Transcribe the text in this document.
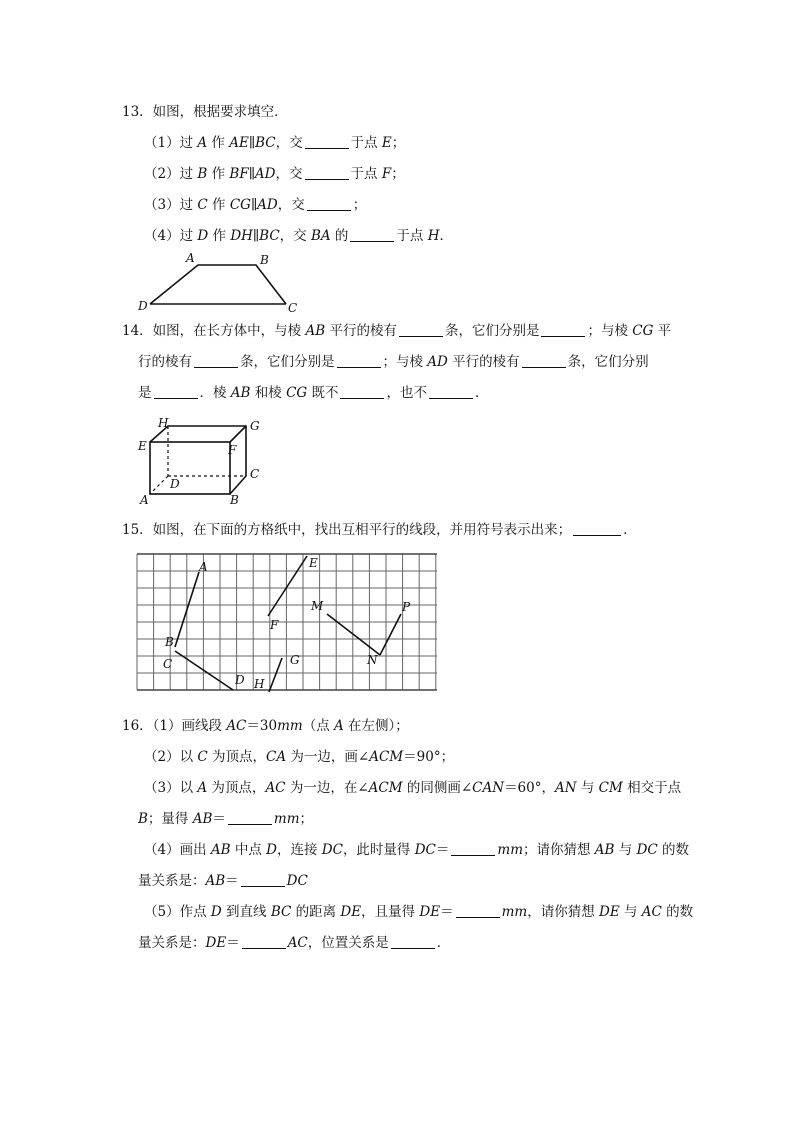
13．如图，根据要求填空．
（1）过 A 作 AE∥BC，交	于点 E；
（2）过 B 作 BF∥AD，交	于点 F；
（3）过 C 作 CG∥AD，交	；
（4）过 D 作 DH∥BC，交 BA 的	于点 H．
A	B
D	C
14．如图，在长方体中，与棱 AB 平行的棱有	条，它们分别是	；与棱 CG 平
行的棱有	条，它们分别是	；与棱 AD 平行的棱有	条，它们分别
是	．棱 AB 和棱 CG 既不	，也不	．
H	G
E	F
C
D
A	B
15．如图，在下面的方格纸中，找出互相平行的线段，并用符号表示出来；	．
A
B
C
D
E
F
G
H
M
N
P
16．（1）画线段 AC＝30mm（点 A 在左侧）；
（2）以 C 为顶点，CA 为一边，画∠ACM＝90°；
（3）以 A 为顶点，AC 为一边，在∠ACM 的同侧画∠CAN＝60°，AN 与 CM 相交于点
B；量得 AB＝	mm；
（4）画出 AB 中点 D，连接 DC，此时量得 DC＝	mm；请你猜想 AB 与 DC 的数
量关系是：AB＝	DC
（5）作点 D 到直线 BC 的距离 DE，且量得 DE＝	mm，请你猜想 DE 与 AC 的数
量关系是：DE＝	AC，位置关系是	．
